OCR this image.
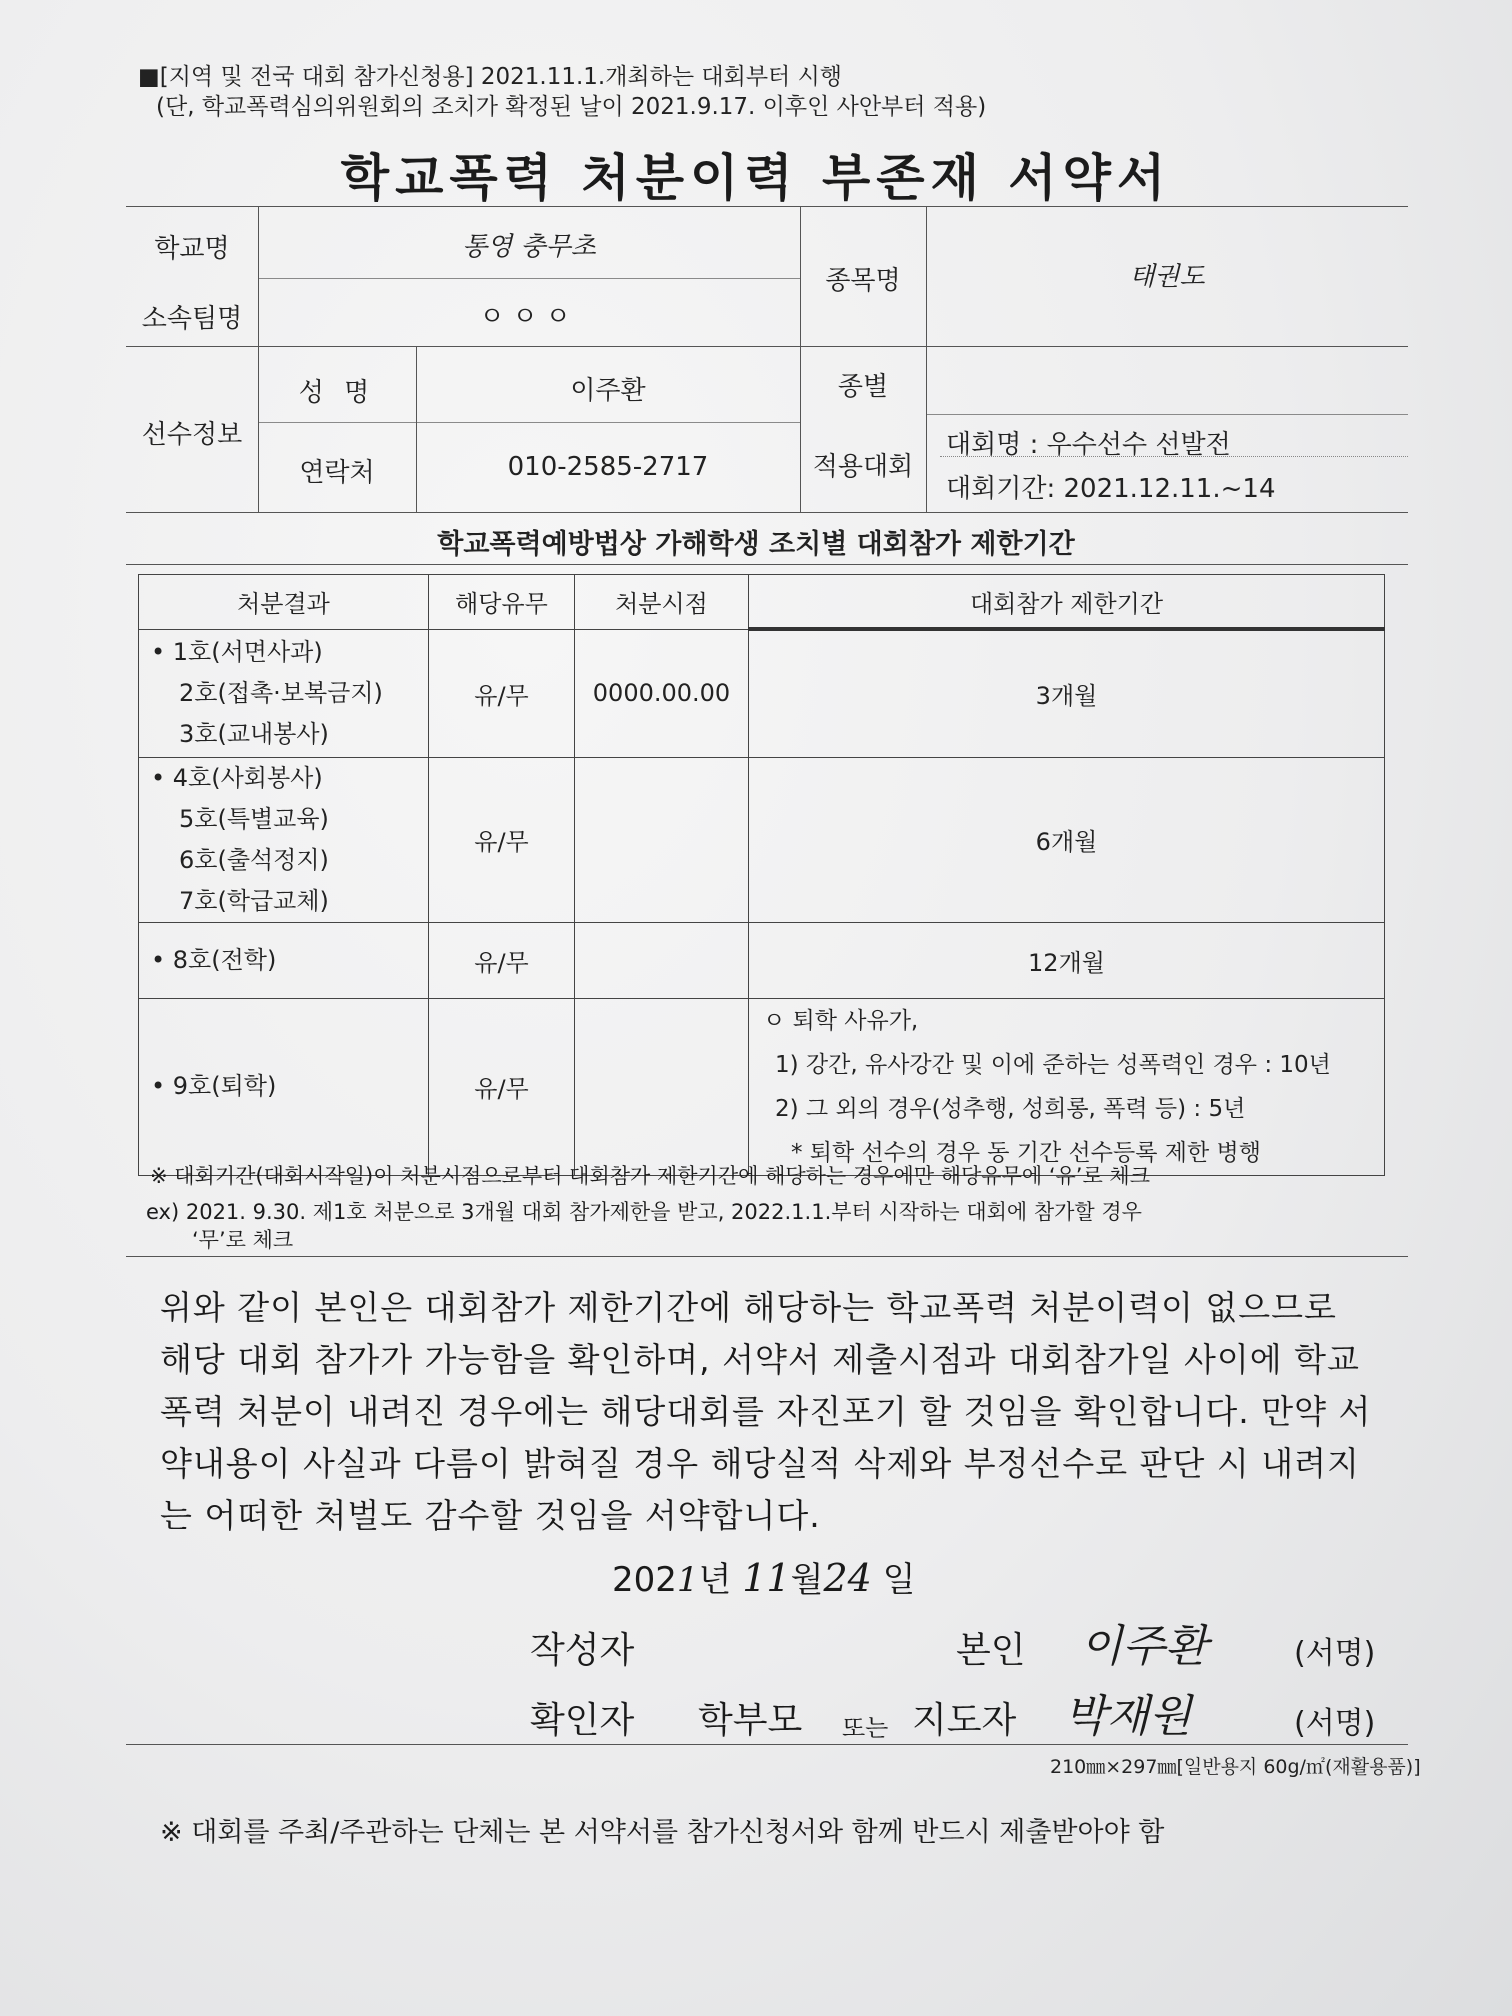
■[지역 및 전국 대회 참가신청용] 2021.11.1.개최하는 대회부터 시행
(단, 학교폭력심의위원회의 조치가 확정된 날이 2021.9.17. 이후인 사안부터 적용)
학교폭력 처분이력 부존재 서약서
학교명	통영 충무초
소속팀명	ㅇㅇㅇ
종목명	태권도
선수정보
성 명	이주환
연락처	010-2585-2717
종별
적용대회
대회명 : 우수선수 선발전
대회기간: 2021.12.11.~14
학교폭력예방법상 가해학생 조치별 대회참가 제한기간
처분결과	해당유무	처분시점	대회참가 제한기간

• 1호(서면사과)
2호(접촉·보복금지)
3호(교내봉사)	유/무	0000.00.00	3개월

• 4호(사회봉사)
5호(특별교육)
6호(출석정지)
7호(학급교체)	유/무		6개월

• 8호(전학)	유/무		12개월

• 9호(퇴학)	유/무		ㅇ 퇴학 사유가,
1) 강간, 유사강간 및 이에 준하는 성폭력인 경우 : 10년
2) 그 외의 경우(성추행, 성희롱, 폭력 등) : 5년
* 퇴학 선수의 경우 동 기간 선수등록 제한 병행
※ 대회기간(대회시작일)이 처분시점으로부터 대회참가 제한기간에 해당하는 경우에만 해당유무에 ‘유’로 체크
ex) 2021. 9.30. 제1호 처분으로 3개월 대회 참가제한을 받고, 2022.1.1.부터 시작하는 대회에 참가할 경우
‘무’로 체크
위와 같이 본인은 대회참가 제한기간에 해당하는 학교폭력 처분이력이 없으므로 해당 대회 참가가 가능함을 확인하며, 서약서 제출시점과 대회참가일 사이에 학교폭력 처분이 내려진 경우에는 해당대회를 자진포기 할 것임을 확인합니다. 만약 서약내용이 사실과 다름이 밝혀질 경우 해당실적 삭제와 부정선수로 판단 시 내려지는 어떠한 처벌도 감수할 것임을 서약합니다.
2021년 11월24 일
작성자	본인 이주환	(서명)
확인자 학부모 또는 지도자 박재원	(서명)
210㎜×297㎜[일반용지 60g/㎡(재활용품)]
※ 대회를 주최/주관하는 단체는 본 서약서를 참가신청서와 함께 반드시 제출받아야 함
